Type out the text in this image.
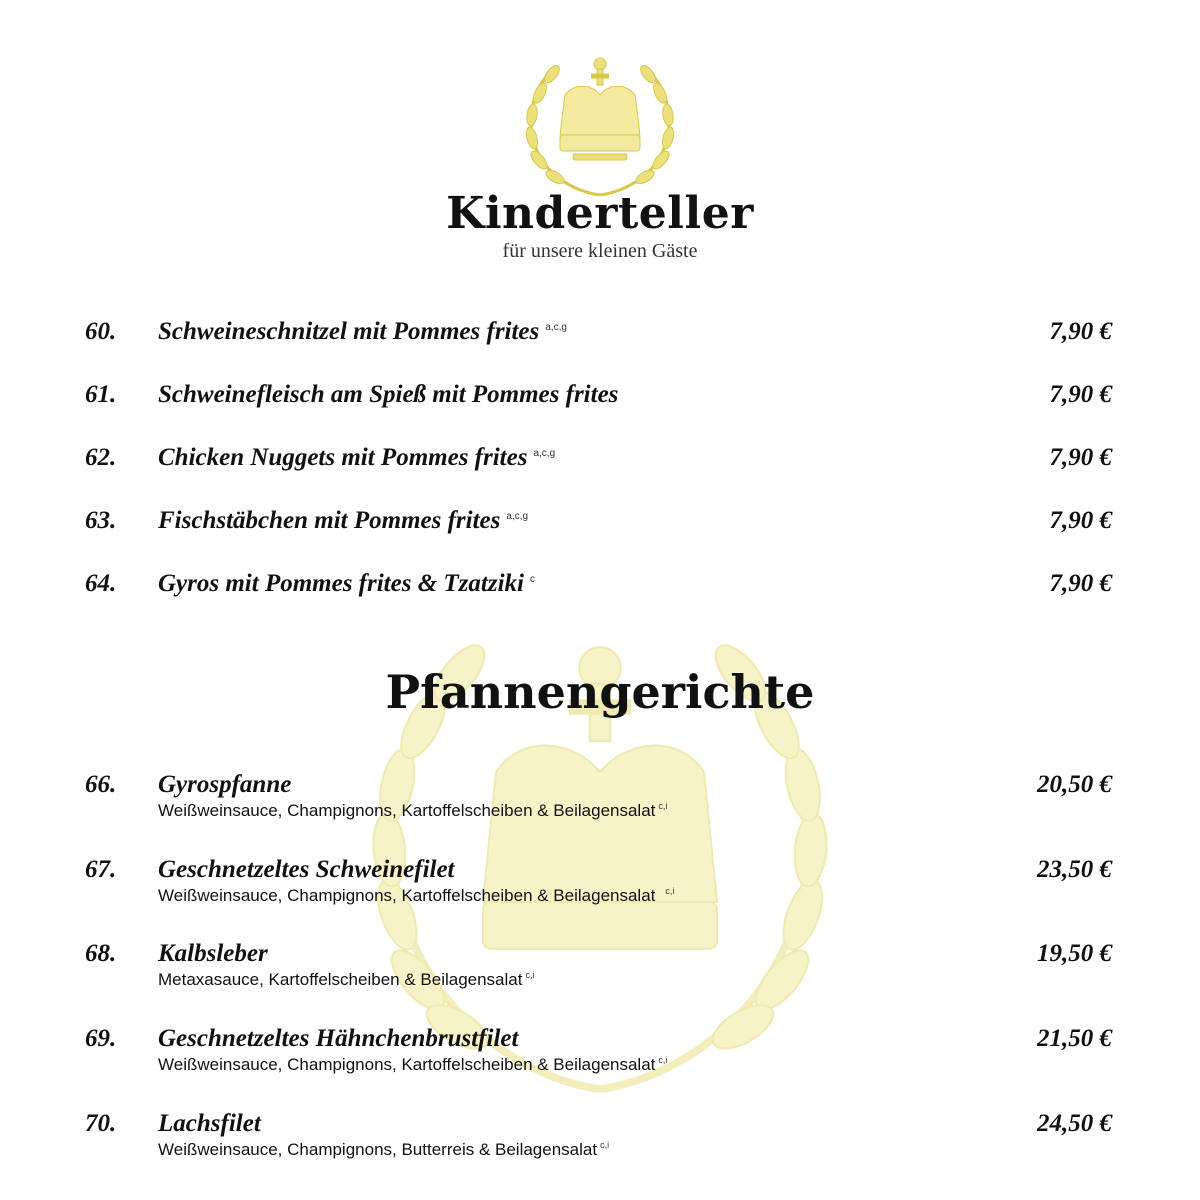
Kinderteller
für unsere kleinen Gäste
60. Schweineschnitzel mit Pommes frites $^{a,c,g}$	7,90 €
61. Schweinefleisch am Spieß mit Pommes frites	7,90 €
62. Chicken Nuggets mit Pommes frites $^{a,c,g}$	7,90 €
63. Fischstäbchen mit Pommes frites $^{a,c,g}$	7,90 €
64. Gyros mit Pommes frites & Tzatziki $^c$	7,90 €
Pfannengerichte
66. Gyrospfanne	20,50 €
Weißweinsauce, Champignons, Kartoffelscheiben & Beilagensalat $^{c,i}$
67. Geschnetzeltes Schweinefilet	23,50 €
Weißweinsauce, Champignons, Kartoffelscheiben & Beilagensalat $^{c,i}$
68. Kalbsleber	19,50 €
Metaxasauce, Kartoffelscheiben & Beilagensalat $^{c,i}$
69. Geschnetzeltes Hähnchenbrustfilet	21,50 €
Weißweinsauce, Champignons, Kartoffelscheiben & Beilagensalat $^{c,i}$
70. Lachsfilet	24,50 €
Weißweinsauce, Champignons, Butterreis & Beilagensalat $^{c,i}$
